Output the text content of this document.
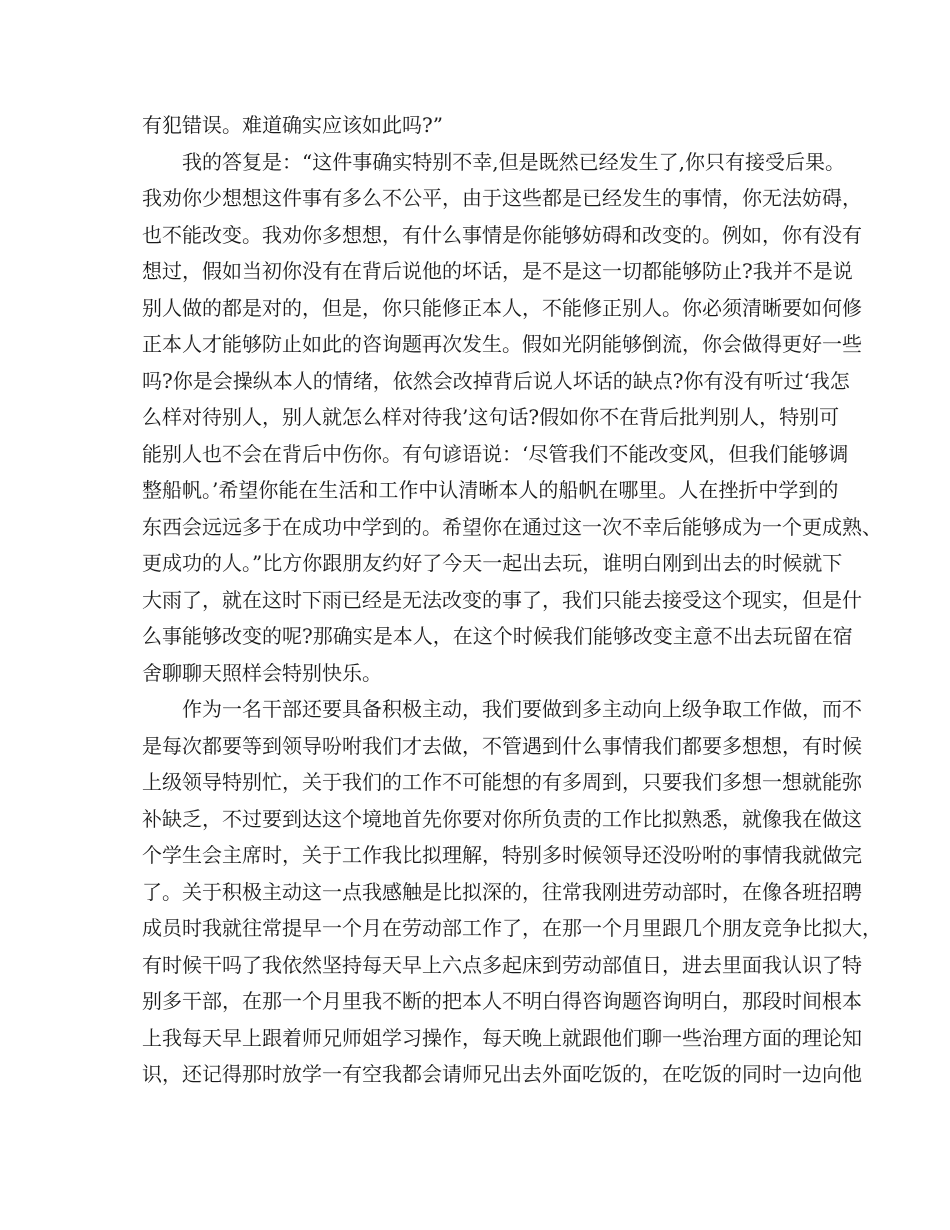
有犯错误。难道确实应该如此吗?”
我的答复是：“这件事确实特别不幸,但是既然已经发生了,你只有接受后果。
我劝你少想想这件事有多么不公平，由于这些都是已经发生的事情，你无法妨碍，
也不能改变。我劝你多想想，有什么事情是你能够妨碍和改变的。例如，你有没有
想过，假如当初你没有在背后说他的坏话，是不是这一切都能够防止?我并不是说
别人做的都是对的，但是，你只能修正本人，不能修正别人。你必须清晰要如何修
正本人才能够防止如此的咨询题再次发生。假如光阴能够倒流，你会做得更好一些
吗?你是会操纵本人的情绪，依然会改掉背后说人坏话的缺点?你有没有听过‘我怎
么样对待别人，别人就怎么样对待我’这句话?假如你不在背后批判别人，特别可
能别人也不会在背后中伤你。有句谚语说：‘尽管我们不能改变风，但我们能够调
整船帆。’希望你能在生活和工作中认清晰本人的船帆在哪里。人在挫折中学到的
东西会远远多于在成功中学到的。希望你在通过这一次不幸后能够成为一个更成熟、
更成功的人。”比方你跟朋友约好了今天一起出去玩，谁明白刚到出去的时候就下
大雨了，就在这时下雨已经是无法改变的事了，我们只能去接受这个现实，但是什
么事能够改变的呢?那确实是本人，在这个时候我们能够改变主意不出去玩留在宿
舍聊聊天照样会特别快乐。
作为一名干部还要具备积极主动，我们要做到多主动向上级争取工作做，而不
是每次都要等到领导吩咐我们才去做，不管遇到什么事情我们都要多想想，有时候
上级领导特别忙，关于我们的工作不可能想的有多周到，只要我们多想一想就能弥
补缺乏，不过要到达这个境地首先你要对你所负责的工作比拟熟悉，就像我在做这
个学生会主席时，关于工作我比拟理解，特别多时候领导还没吩咐的事情我就做完
了。关于积极主动这一点我感触是比拟深的，往常我刚进劳动部时，在像各班招聘
成员时我就往常提早一个月在劳动部工作了，在那一个月里跟几个朋友竞争比拟大，
有时候干吗了我依然坚持每天早上六点多起床到劳动部值日，进去里面我认识了特
别多干部，在那一个月里我不断的把本人不明白得咨询题咨询明白，那段时间根本
上我每天早上跟着师兄师姐学习操作，每天晚上就跟他们聊一些治理方面的理论知
识，还记得那时放学一有空我都会请师兄出去外面吃饭的，在吃饭的同时一边向他
